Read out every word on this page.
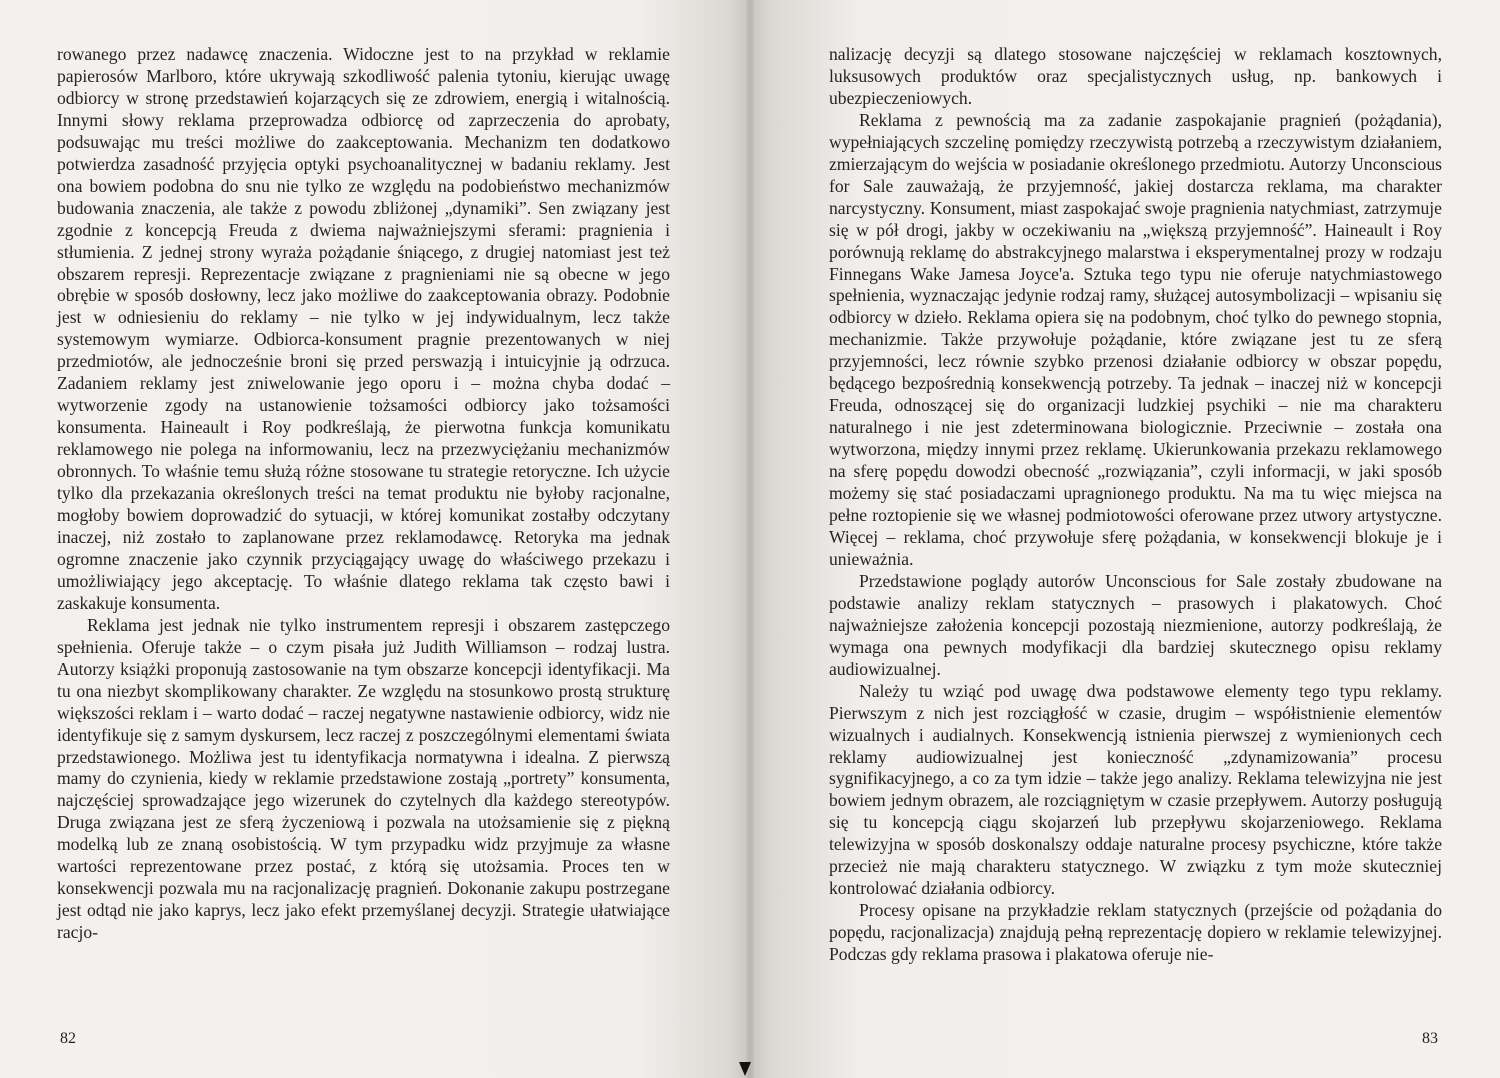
rowanego przez nadawcę znaczenia. Widoczne jest to na przykład w reklamie papierosów Marlboro, które ukrywają szkodliwość palenia tytoniu, kierując uwagę odbiorcy w stronę przedstawień kojarzących się ze zdrowiem, energią i witalnością. Innymi słowy reklama przeprowadza odbiorcę od zaprzeczenia do aprobaty, podsuwając mu treści możliwe do zaakceptowania. Mechanizm ten dodatkowo potwierdza zasadność przyjęcia optyki psychoanalitycznej w badaniu reklamy. Jest ona bowiem podobna do snu nie tylko ze względu na podobieństwo mechanizmów budowania znaczenia, ale także z powodu zbliżonej „dynamiki”. Sen związany jest zgodnie z koncepcją Freuda z dwiema najważniejszymi sferami: pragnienia i stłumienia. Z jednej strony wyraża pożądanie śniącego, z drugiej natomiast jest też obszarem represji. Reprezentacje związane z pragnieniami nie są obecne w jego obrębie w sposób dosłowny, lecz jako możliwe do zaakceptowania obrazy. Podobnie jest w odniesieniu do reklamy – nie tylko w jej indywidualnym, lecz także systemowym wymiarze. Odbiorca-konsument pragnie prezentowanych w niej przedmiotów, ale jednocześnie broni się przed perswazją i intuicyjnie ją odrzuca. Zadaniem reklamy jest zniwelowanie jego oporu i – można chyba dodać – wytworzenie zgody na ustanowienie tożsamości odbiorcy jako tożsamości konsumenta. Haineault i Roy podkreślają, że pierwotna funkcja komunikatu reklamowego nie polega na informowaniu, lecz na przezwyciężaniu mechanizmów obronnych. To właśnie temu służą różne stosowane tu strategie retoryczne. Ich użycie tylko dla przekazania określonych treści na temat produktu nie byłoby racjonalne, mogłoby bowiem doprowadzić do sytuacji, w której komunikat zostałby odczytany inaczej, niż zostało to zaplanowane przez reklamodawcę. Retoryka ma jednak ogromne znaczenie jako czynnik przyciągający uwagę do właściwego przekazu i umożliwiający jego akceptację. To właśnie dlatego reklama tak często bawi i zaskakuje konsumenta.

Reklama jest jednak nie tylko instrumentem represji i obszarem zastępczego spełnienia. Oferuje także – o czym pisała już Judith Williamson – rodzaj lustra. Autorzy książki proponują zastosowanie na tym obszarze koncepcji identyfikacji. Ma tu ona niezbyt skomplikowany charakter. Ze względu na stosunkowo prostą strukturę większości reklam i – warto dodać – raczej negatywne nastawienie odbiorcy, widz nie identyfikuje się z samym dyskursem, lecz raczej z poszczególnymi elementami świata przedstawionego. Możliwa jest tu identyfikacja normatywna i idealna. Z pierwszą mamy do czynienia, kiedy w reklamie przedstawione zostają „portrety” konsumenta, najczęściej sprowadzające jego wizerunek do czytelnych dla każdego stereotypów. Druga związana jest ze sferą życzeniową i pozwala na utożsamienie się z piękną modelką lub ze znaną osobistością. W tym przypadku widz przyjmuje za własne wartości reprezentowane przez postać, z którą się utożsamia. Proces ten w konsekwencji pozwala mu na racjonalizację pragnień. Dokonanie zakupu postrzegane jest odtąd nie jako kaprys, lecz jako efekt przemyślanej decyzji. Strategie ułatwiające racjo-

82

nalizację decyzji są dlatego stosowane najczęściej w reklamach kosztownych, luksusowych produktów oraz specjalistycznych usług, np. bankowych i ubezpieczeniowych.

Reklama z pewnością ma za zadanie zaspokajanie pragnień (pożądania), wypełniających szczelinę pomiędzy rzeczywistą potrzebą a rzeczywistym działaniem, zmierzającym do wejścia w posiadanie określonego przedmiotu. Autorzy Unconscious for Sale zauważają, że przyjemność, jakiej dostarcza reklama, ma charakter narcystyczny. Konsument, miast zaspokajać swoje pragnienia natychmiast, zatrzymuje się w pół drogi, jakby w oczekiwaniu na „większą przyjemność”. Haineault i Roy porównują reklamę do abstrakcyjnego malarstwa i eksperymentalnej prozy w rodzaju Finnegans Wake Jamesa Joyce'a. Sztuka tego typu nie oferuje natychmiastowego spełnienia, wyznaczając jedynie rodzaj ramy, służącej autosymbolizacji – wpisaniu się odbiorcy w dzieło. Reklama opiera się na podobnym, choć tylko do pewnego stopnia, mechanizmie. Także przywołuje pożądanie, które związane jest tu ze sferą przyjemności, lecz równie szybko przenosi działanie odbiorcy w obszar popędu, będącego bezpośrednią konsekwencją potrzeby. Ta jednak – inaczej niż w koncepcji Freuda, odnoszącej się do organizacji ludzkiej psychiki – nie ma charakteru naturalnego i nie jest zdeterminowana biologicznie. Przeciwnie – została ona wytworzona, między innymi przez reklamę. Ukierunkowania przekazu reklamowego na sferę popędu dowodzi obecność „rozwiązania”, czyli informacji, w jaki sposób możemy się stać posiadaczami upragnionego produktu. Na ma tu więc miejsca na pełne roztopienie się we własnej podmiotowości oferowane przez utwory artystyczne. Więcej – reklama, choć przywołuje sferę pożądania, w konsekwencji blokuje je i unieważnia.

Przedstawione poglądy autorów Unconscious for Sale zostały zbudowane na podstawie analizy reklam statycznych – prasowych i plakatowych. Choć najważniejsze założenia koncepcji pozostają niezmienione, autorzy podkreślają, że wymaga ona pewnych modyfikacji dla bardziej skutecznego opisu reklamy audiowizualnej.

Należy tu wziąć pod uwagę dwa podstawowe elementy tego typu reklamy. Pierwszym z nich jest rozciągłość w czasie, drugim – współistnienie elementów wizualnych i audialnych. Konsekwencją istnienia pierwszej z wymienionych cech reklamy audiowizualnej jest konieczność „zdynamizowania” procesu sygnifikacyjnego, a co za tym idzie – także jego analizy. Reklama telewizyjna nie jest bowiem jednym obrazem, ale rozciągniętym w czasie przepływem. Autorzy posługują się tu koncepcją ciągu skojarzeń lub przepływu skojarzeniowego. Reklama telewizyjna w sposób doskonalszy oddaje naturalne procesy psychiczne, które także przecież nie mają charakteru statycznego. W związku z tym może skuteczniej kontrolować działania odbiorcy.

Procesy opisane na przykładzie reklam statycznych (przejście od pożądania do popędu, racjonalizacja) znajdują pełną reprezentację dopiero w reklamie telewizyjnej. Podczas gdy reklama prasowa i plakatowa oferuje nie-

83
